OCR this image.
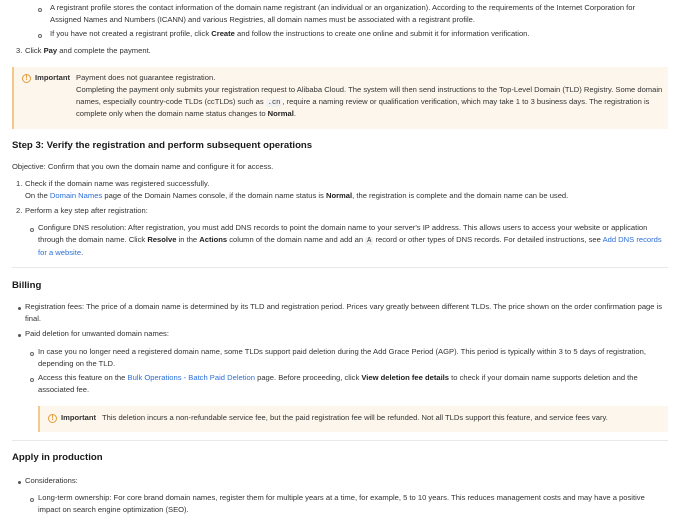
A registrant profile stores the contact information of the domain name registrant (an individual or an organization). According to the requirements of the Internet Corporation for Assigned Names and Numbers (ICANN) and various Registries, all domain names must be associated with a registrant profile.
If you have not created a registrant profile, click Create and follow the instructions to create one online and submit it for information verification.
3. Click Pay and complete the payment.
! Important Payment does not guarantee registration.
Completing the payment only submits your registration request to Alibaba Cloud. The system will then send instructions to the Top-Level Domain (TLD) Registry. Some domain names, especially country-code TLDs (ccTLDs) such as .cn , require a naming review or qualification verification, which may take 1 to 3 business days. The registration is complete only when the domain name status changes to Normal.
Step 3: Verify the registration and perform subsequent operations
Objective: Confirm that you own the domain name and configure it for access.
1. Check if the domain name was registered successfully.
On the Domain Names page of the Domain Names console, if the domain name status is Normal, the registration is complete and the domain name can be used.
2. Perform a key step after registration:
Configure DNS resolution: After registration, you must add DNS records to point the domain name to your server's IP address. This allows users to access your website or application through the domain name. Click Resolve in the Actions column of the domain name and add an A record or other types of DNS records. For detailed instructions, see Add DNS records for a website.
Billing
Registration fees: The price of a domain name is determined by its TLD and registration period. Prices vary greatly between different TLDs. The price shown on the order confirmation page is final.
Paid deletion for unwanted domain names:
In case you no longer need a registered domain name, some TLDs support paid deletion during the Add Grace Period (AGP). This period is typically within 3 to 5 days of registration, depending on the TLD.
Access this feature on the Bulk Operations - Batch Paid Deletion page. Before proceeding, click View deletion fee details to check if your domain name supports deletion and the associated fee.
! Important This deletion incurs a non-refundable service fee, but the paid registration fee will be refunded. Not all TLDs support this feature, and service fees vary.
Apply in production
Considerations:
Long-term ownership: For core brand domain names, register them for multiple years at a time, for example, 5 to 10 years. This reduces management costs and may have a positive impact on search engine optimization (SEO).
